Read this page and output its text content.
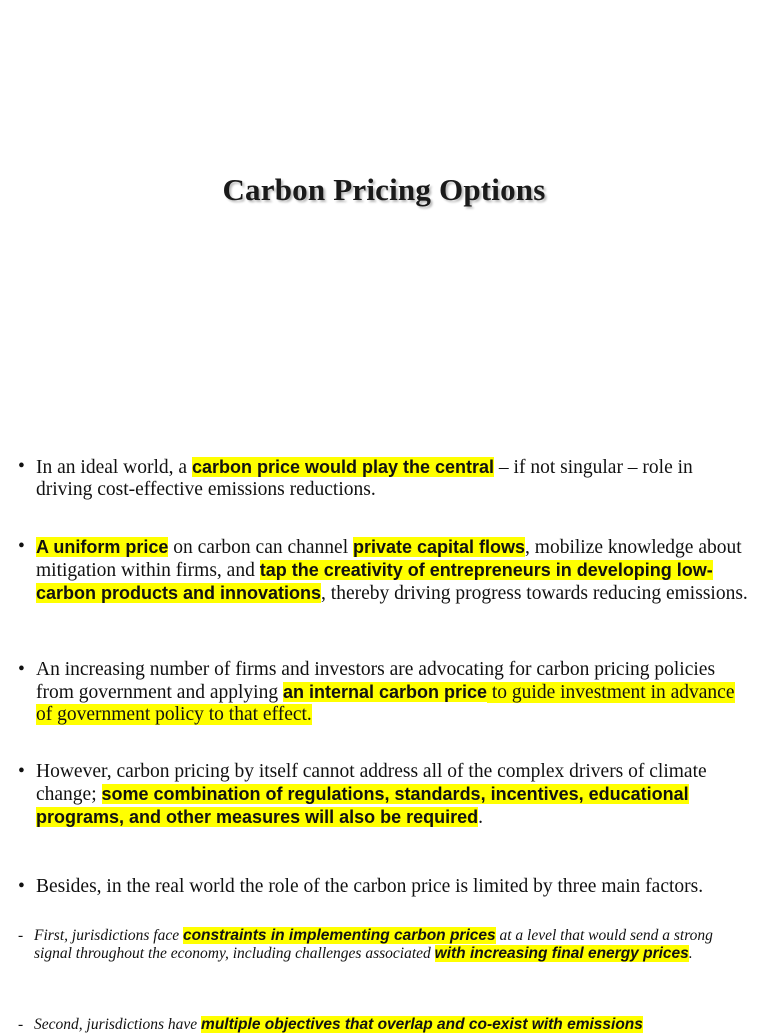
Carbon Pricing Options
• In an ideal world, a carbon price would play the central – if not singular – role in driving cost-effective emissions reductions.
• A uniform price on carbon can channel private capital flows, mobilize knowledge about mitigation within firms, and tap the creativity of entrepreneurs in developing low-carbon products and innovations, thereby driving progress towards reducing emissions.
• An increasing number of firms and investors are advocating for carbon pricing policies from government and applying an internal carbon price to guide investment in advance of government policy to that effect.
• However, carbon pricing by itself cannot address all of the complex drivers of climate change; some combination of regulations, standards, incentives, educational programs, and other measures will also be required.
• Besides, in the real world the role of the carbon price is limited by three main factors.
- First, jurisdictions face constraints in implementing carbon prices at a level that would send a strong signal throughout the economy, including challenges associated with increasing final energy prices.
- Second, jurisdictions have multiple objectives that overlap and co-exist with emissions
